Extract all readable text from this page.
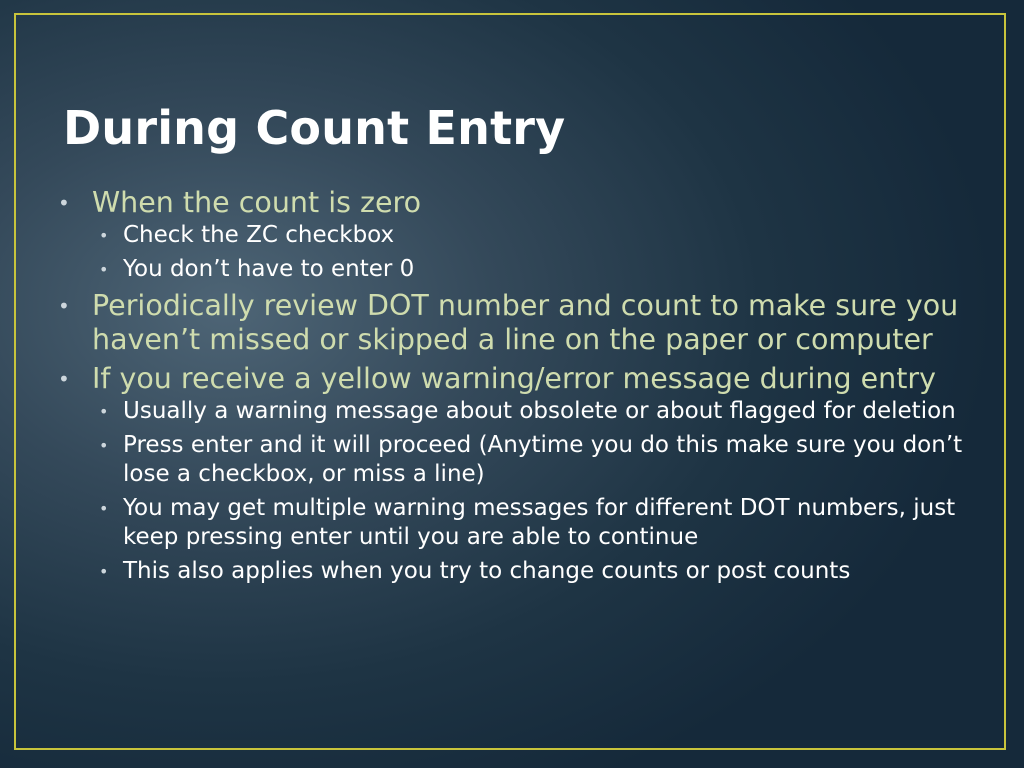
During Count Entry
• When the count is zero
• Check the ZC checkbox
• You don’t have to enter 0
• Periodically review DOT number and count to make sure you haven’t missed or skipped a line on the paper or computer
• If you receive a yellow warning/error message during entry
• Usually a warning message about obsolete or about flagged for deletion
• Press enter and it will proceed (Anytime you do this make sure you don’t lose a checkbox, or miss a line)
• You may get multiple warning messages for different DOT numbers, just keep pressing enter until you are able to continue
• This also applies when you try to change counts or post counts
